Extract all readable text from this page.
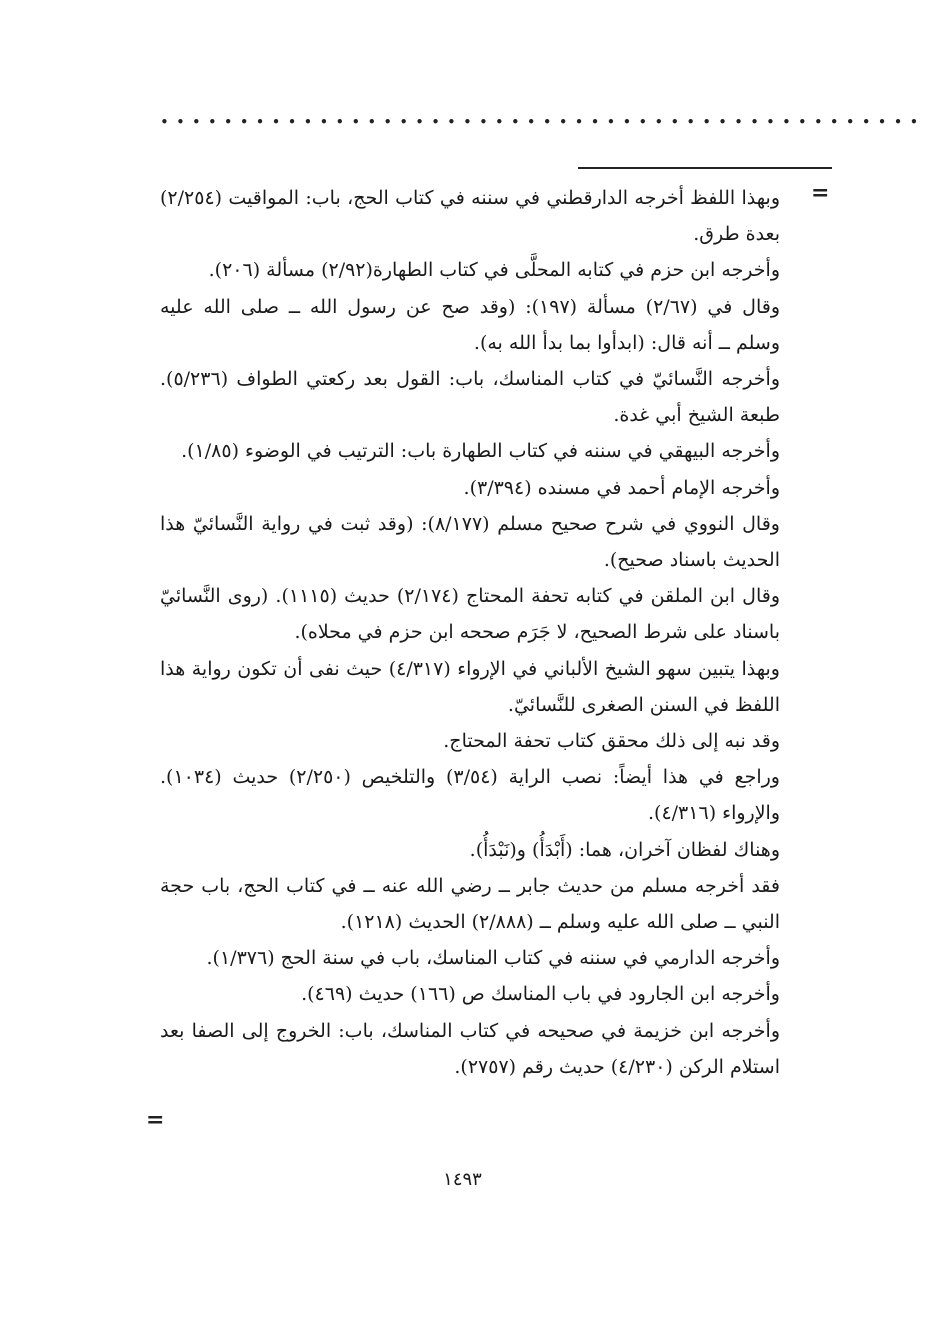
••••••••••••••••••••••••••••••••••••••••••••••••
=

وبهذا اللفظ أخرجه الدارقطني في سننه في كتاب الحج، باب: المواقيت (٢/٢٥٤) بعدة طرق.

وأخرجه ابن حزم في كتابه المحلَّى في كتاب الطهارة(٢/٩٢) مسألة (٢٠٦).

وقال في (٢/٦٧) مسألة (١٩٧): (وقد صح عن رسول الله ــ صلى الله عليه وسلم ــ أنه قال: (ابدأوا بما بدأ الله به).

وأخرجه النَّسائيّ في كتاب المناسك، باب: القول بعد ركعتي الطواف (٥/٢٣٦). طبعة الشيخ أبي غدة.

وأخرجه البيهقي في سننه في كتاب الطهارة باب: الترتيب في الوضوء (١/٨٥).

وأخرجه الإمام أحمد في مسنده (٣/٣٩٤).

وقال النووي في شرح صحيح مسلم (٨/١٧٧): (وقد ثبت في رواية النَّسائيّ هذا الحديث باسناد صحيح).

وقال ابن الملقن في كتابه تحفة المحتاج (٢/١٧٤) حديث (١١١٥). (روى النَّسائيّ باسناد على شرط الصحيح، لا جَرَم صححه ابن حزم في محلاه).

وبهذا يتبين سهو الشيخ الألباني في الإرواء (٤/٣١٧) حيث نفى أن تكون رواية هذا اللفظ في السنن الصغرى للنَّسائيّ.

وقد نبه إلى ذلك محقق كتاب تحفة المحتاج.

وراجع في هذا أيضاً: نصب الراية (٣/٥٤) والتلخيص (٢/٢٥٠) حديث (١٠٣٤). والإرواء (٤/٣١٦).

وهناك لفظان آخران، هما: (أَبْدَأُ) و(نَبْدَأُ).

فقد أخرجه مسلم من حديث جابر ــ رضي الله عنه ــ في كتاب الحج، باب حجة النبي ــ صلى الله عليه وسلم ــ (٢/٨٨٨) الحديث (١٢١٨).

وأخرجه الدارمي في سننه في كتاب المناسك، باب في سنة الحج (١/٣٧٦).

وأخرجه ابن الجارود في باب المناسك ص (١٦٦) حديث (٤٦٩).

وأخرجه ابن خزيمة في صحيحه في كتاب المناسك، باب: الخروج إلى الصفا بعد استلام الركن (٤/٢٣٠) حديث رقم (٢٧٥٧).

=
١٤٩٣
